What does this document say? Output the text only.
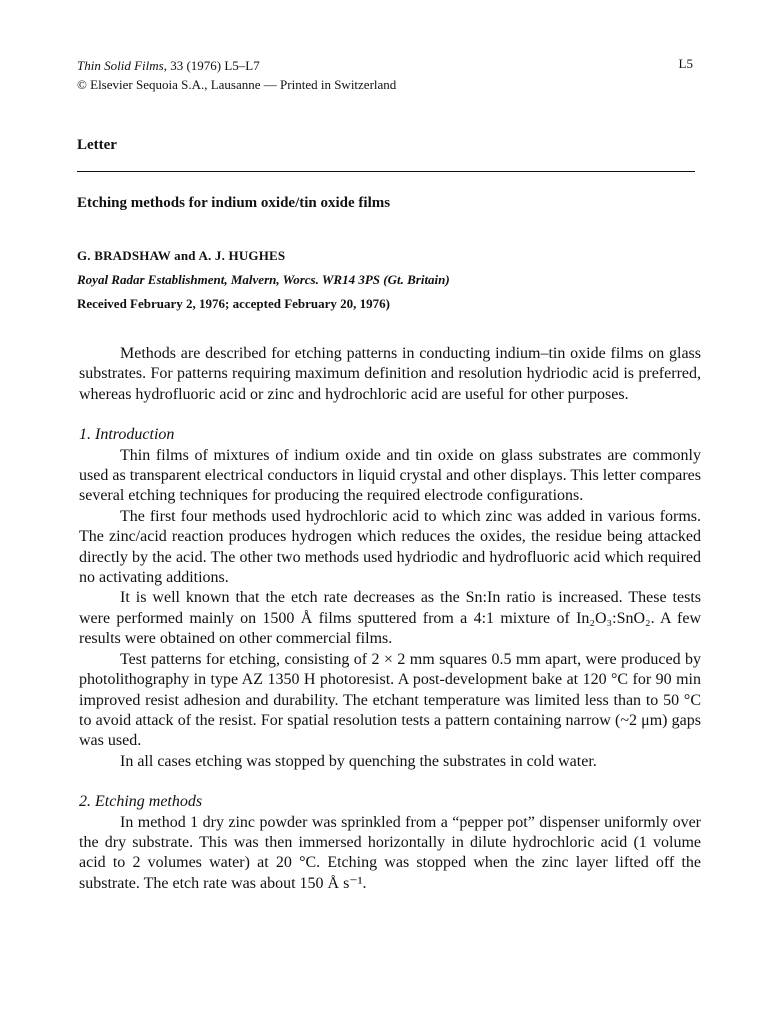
Thin Solid Films, 33 (1976) L5–L7
© Elsevier Sequoia S.A., Lausanne — Printed in Switzerland
L5
Letter
Etching methods for indium oxide/tin oxide films
G. BRADSHAW and A. J. HUGHES
Royal Radar Establishment, Malvern, Worcs. WR14 3PS (Gt. Britain)
Received February 2, 1976; accepted February 20, 1976)

Methods are described for etching patterns in conducting indium–tin oxide films on glass substrates. For patterns requiring maximum definition and resolution hydriodic acid is preferred, whereas hydrofluoric acid or zinc and hydrochloric acid are useful for other purposes.

1. Introduction

Thin films of mixtures of indium oxide and tin oxide on glass substrates are commonly used as transparent electrical conductors in liquid crystal and other displays. This letter compares several etching techniques for producing the required electrode configurations.

The first four methods used hydrochloric acid to which zinc was added in various forms. The zinc/acid reaction produces hydrogen which reduces the oxides, the residue being attacked directly by the acid. The other two methods used hydriodic and hydrofluoric acid which required no activating additions.

It is well known that the etch rate decreases as the Sn:In ratio is increased. These tests were performed mainly on 1500 Å films sputtered from a 4:1 mixture of In₂O₃:SnO₂. A few results were obtained on other commercial films.

Test patterns for etching, consisting of 2 × 2 mm squares 0.5 mm apart, were produced by photolithography in type AZ 1350 H photoresist. A post-development bake at 120 °C for 90 min improved resist adhesion and durability. The etchant temperature was limited less than to 50 °C to avoid attack of the resist. For spatial resolution tests a pattern containing narrow (~2 μm) gaps was used.

In all cases etching was stopped by quenching the substrates in cold water.

2. Etching methods

In method 1 dry zinc powder was sprinkled from a “pepper pot” dispenser uniformly over the dry substrate. This was then immersed horizontally in dilute hydrochloric acid (1 volume acid to 2 volumes water) at 20 °C. Etching was stopped when the zinc layer lifted off the substrate. The etch rate was about 150 Å s⁻¹.
